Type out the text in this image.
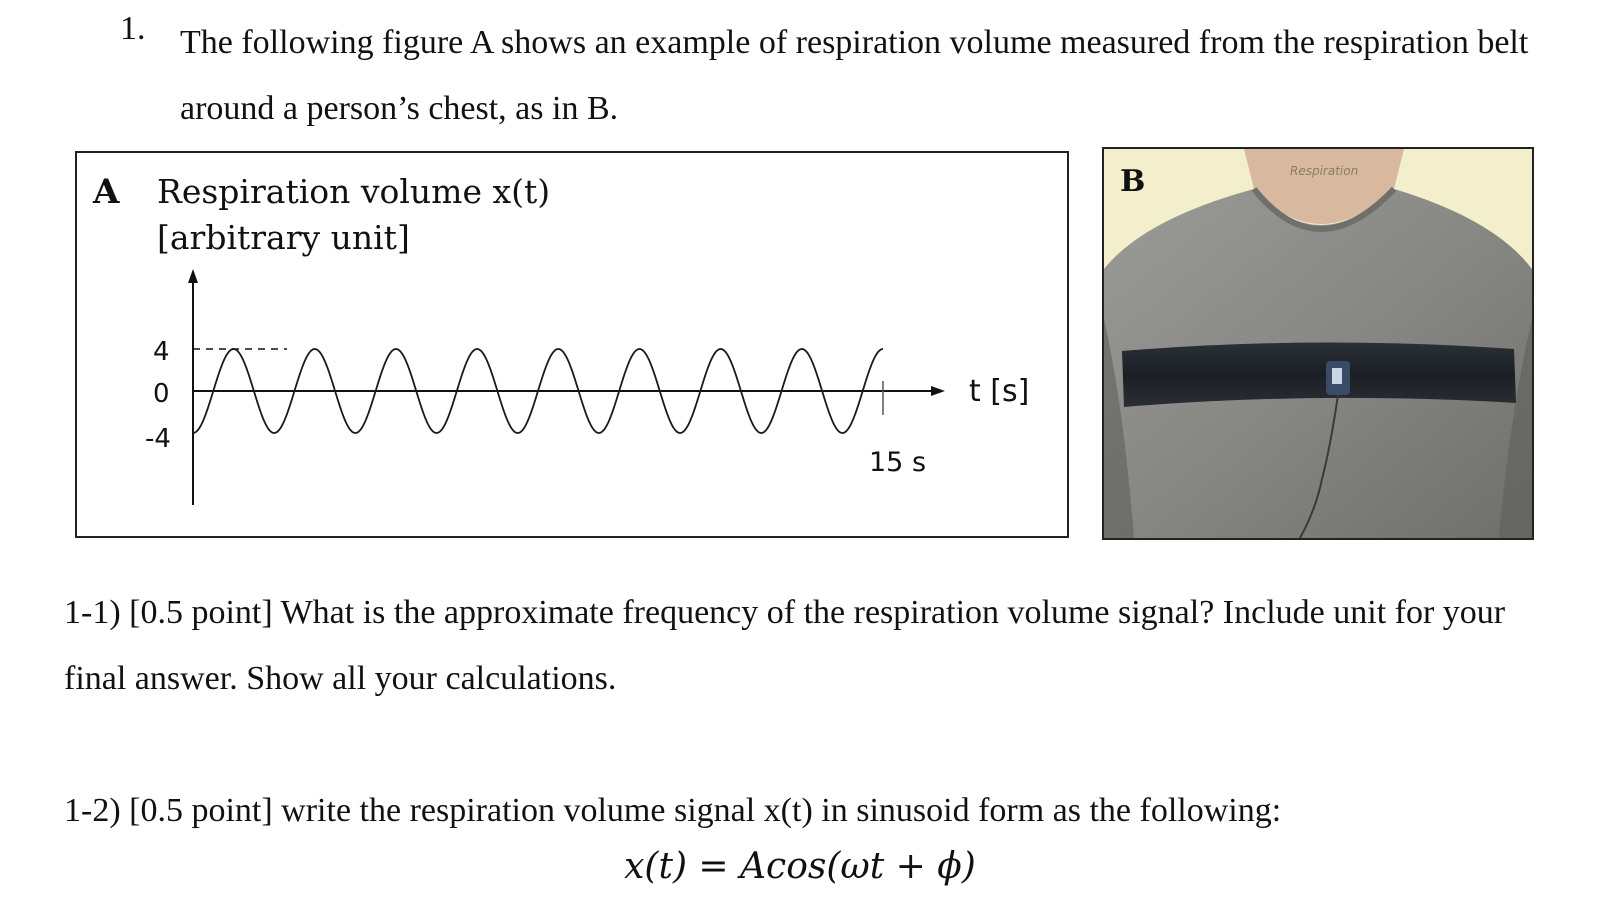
1. The following figure A shows an example of respiration volume measured from the respiration belt around a person’s chest, as in B.
A Respiration volume x(t)
[arbitrary unit]
4
0
-4
t [s]
15 s
B	Respiration
1-1) [0.5 point] What is the approximate frequency of the respiration volume signal? Include unit for your final answer. Show all your calculations.
1-2) [0.5 point] write the respiration volume signal x(t) in sinusoid form as the following:
x(t) = Acos(ωt + ϕ)
